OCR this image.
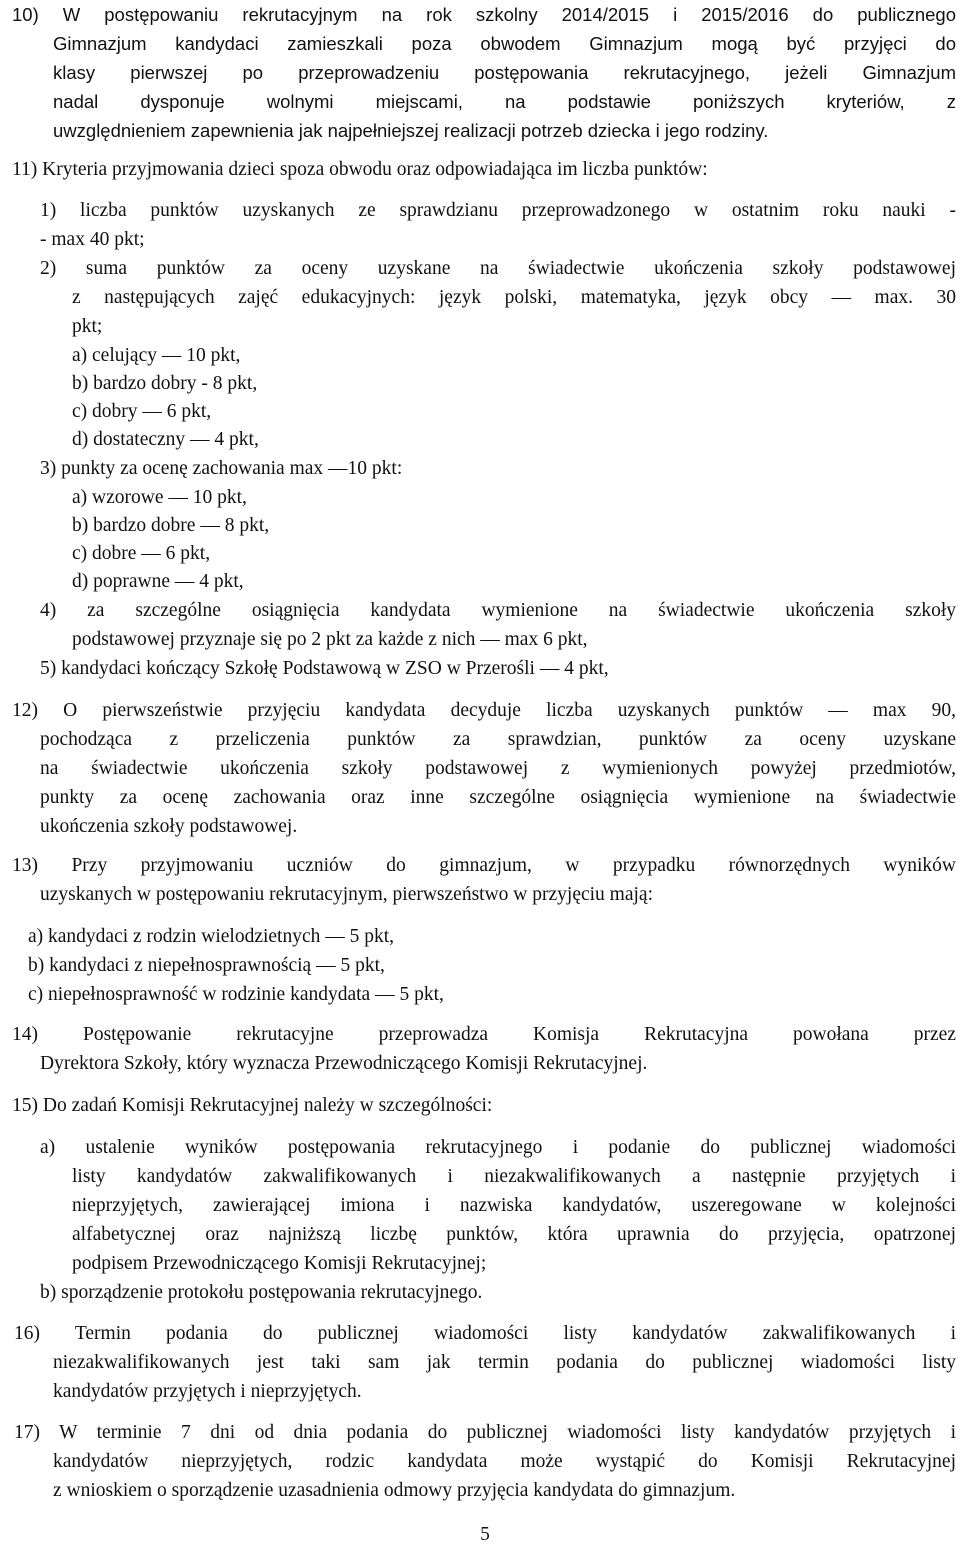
10) W postępowaniu rekrutacyjnym na rok szkolny 2014/2015 i 2015/2016 do publicznego
Gimnazjum kandydaci zamieszkali poza obwodem Gimnazjum mogą być przyjęci do
klasy pierwszej po przeprowadzeniu postępowania rekrutacyjnego, jeżeli Gimnazjum
nadal dysponuje wolnymi miejscami, na podstawie poniższych kryteriów, z
uwzględnieniem zapewnienia jak najpełniejszej realizacji potrzeb dziecka i jego rodziny.
11) Kryteria przyjmowania dzieci spoza obwodu oraz odpowiadająca im liczba punktów:
1) liczba punktów uzyskanych ze sprawdzianu przeprowadzonego w ostatnim roku nauki -
- max 40 pkt;
2) suma punktów za oceny uzyskane na świadectwie ukończenia szkoły podstawowej
z następujących zajęć edukacyjnych: język polski, matematyka, język obcy — max. 30
pkt;
a) celujący — 10 pkt,
b) bardzo dobry - 8 pkt,
c) dobry — 6 pkt,
d) dostateczny — 4 pkt,
3) punkty za ocenę zachowania max —10 pkt:
a) wzorowe — 10 pkt,
b) bardzo dobre — 8 pkt,
c) dobre — 6 pkt,
d) poprawne — 4 pkt,
4) za szczególne osiągnięcia kandydata wymienione na świadectwie ukończenia szkoły
podstawowej przyznaje się po 2 pkt za każde z nich — max 6 pkt,
5) kandydaci kończący Szkołę Podstawową w ZSO w Przerośli — 4 pkt,
12) O pierwszeństwie przyjęciu kandydata decyduje liczba uzyskanych punktów — max 90,
pochodząca z przeliczenia punktów za sprawdzian, punktów za oceny uzyskane
na świadectwie ukończenia szkoły podstawowej z wymienionych powyżej przedmiotów,
punkty za ocenę zachowania oraz inne szczególne osiągnięcia wymienione na świadectwie
ukończenia szkoły podstawowej.
13) Przy przyjmowaniu uczniów do gimnazjum, w przypadku równorzędnych wyników
uzyskanych w postępowaniu rekrutacyjnym, pierwszeństwo w przyjęciu mają:
a) kandydaci z rodzin wielodzietnych — 5 pkt,
b) kandydaci z niepełnosprawnością — 5 pkt,
c) niepełnosprawność w rodzinie kandydata — 5 pkt,
14) Postępowanie rekrutacyjne przeprowadza Komisja Rekrutacyjna powołana przez
Dyrektora Szkoły, który wyznacza Przewodniczącego Komisji Rekrutacyjnej.
15) Do zadań Komisji Rekrutacyjnej należy w szczególności:
a) ustalenie wyników postępowania rekrutacyjnego i podanie do publicznej wiadomości
listy kandydatów zakwalifikowanych i niezakwalifikowanych a następnie przyjętych i
nieprzyjętych, zawierającej imiona i nazwiska kandydatów, uszeregowane w kolejności
alfabetycznej oraz najniższą liczbę punktów, która uprawnia do przyjęcia, opatrzonej
podpisem Przewodniczącego Komisji Rekrutacyjnej;
b) sporządzenie protokołu postępowania rekrutacyjnego.
16) Termin podania do publicznej wiadomości listy kandydatów zakwalifikowanych i
niezakwalifikowanych jest taki sam jak termin podania do publicznej wiadomości listy
kandydatów przyjętych i nieprzyjętych.
17) W terminie 7 dni od dnia podania do publicznej wiadomości listy kandydatów przyjętych i
kandydatów nieprzyjętych, rodzic kandydata może wystąpić do Komisji Rekrutacyjnej
z wnioskiem o sporządzenie uzasadnienia odmowy przyjęcia kandydata do gimnazjum.
5
